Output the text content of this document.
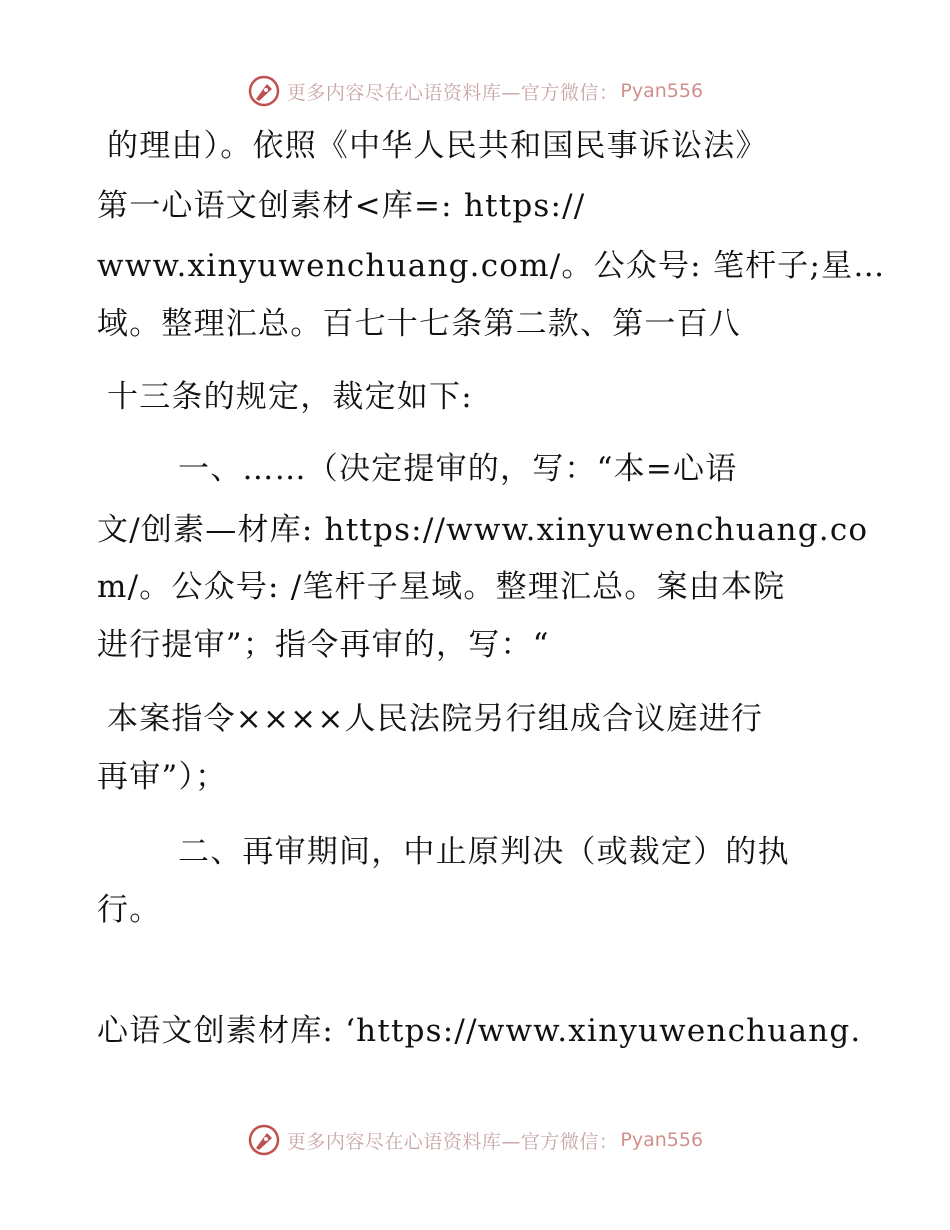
更多内容尽在心语资料库—官方微信： Pyan556
的理由）。依照《中华人民共和国民事诉讼法》
第一心语文创素材<库=: https://
www.xinyuwenchuang.com/。公众号: 笔杆子;星…
域。整理汇总。百七十七条第二款、第一百八
十三条的规定，裁定如下:
一、……（决定提审的，写：“本=心语
文/创素—材库: https://www.xinyuwenchuang.co
m/。公众号: /笔杆子星域。整理汇总。案由本院
进行提审”；指令再审的，写：“
本案指令××××人民法院另行组成合议庭进行
再审”）；
二、再审期间，中止原判决（或裁定）的执
行。
心语文创素材库: ‘https://www.xinyuwenchuang.
更多内容尽在心语资料库—官方微信： Pyan556
